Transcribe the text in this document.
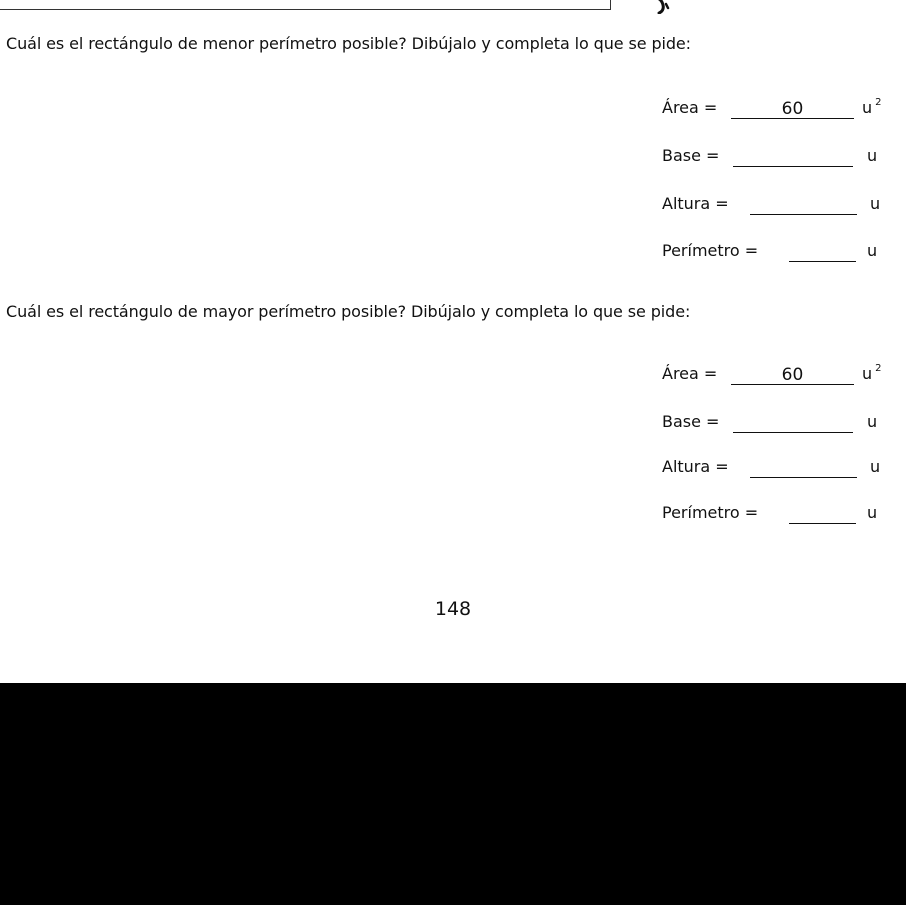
Cuál es el rectángulo de menor perímetro posible? Dibújalo y completa lo que se pide:
Área =	60	u $^2$
Base =	u
Altura =	u
Perímetro =	u
Cuál es el rectángulo de mayor perímetro posible? Dibújalo y completa lo que se pide:
Área =	60	u $^2$
Base =	u
Altura =	u
Perímetro =	u
148
